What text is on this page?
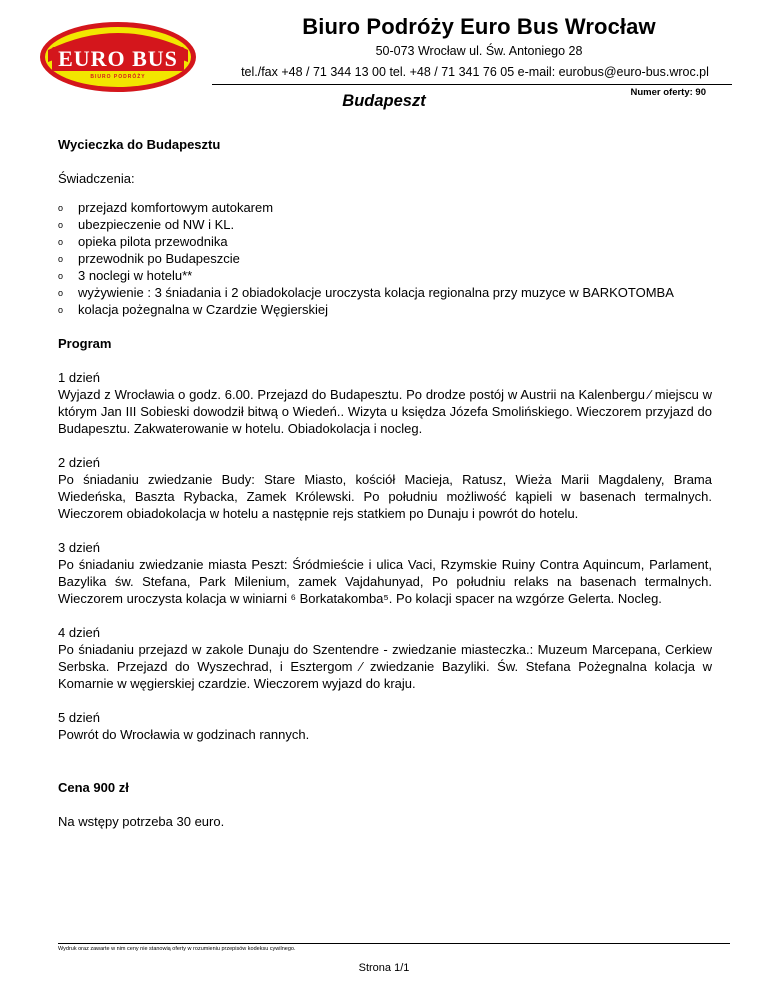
EURO BUS
BIURO PODRÓŻY
Biuro Podróży Euro Bus Wrocław
50-073 Wrocław ul. Św. Antoniego 28
tel./fax +48 / 71 344 13 00 tel. +48 / 71 341 76 05 e-mail: eurobus@euro-bus.wroc.pl
Numer oferty: 90
Budapeszt

Wycieczka do Budapesztu

Świadczenia:

o przejazd komfortowym autokarem
o ubezpieczenie od NW i KL.
o opieka pilota przewodnika
o przewodnik po Budapeszcie
o 3 noclegi w hotelu**
o wyżywienie : 3 śniadania i 2 obiadokolacje uroczysta kolacja regionalna przy muzyce w BARKOTOMBA
o kolacja pożegnalna w Czardzie Węgierskiej

Program

1 dzień

Wyjazd z Wrocławia o godz. 6.00. Przejazd do Budapesztu. Po drodze postój w Austrii na Kalenbergu ⁄ miejscu w którym Jan III Sobieski dowodził bitwą o Wiedeń.. Wizyta u księdza Józefa Smolińskiego. Wieczorem przyjazd do Budapesztu. Zakwaterowanie w hotelu. Obiadokolacja i nocleg.

2 dzień

Po śniadaniu zwiedzanie Budy: Stare Miasto, kościół Macieja, Ratusz, Wieża Marii Magdaleny, Brama Wiedeńska, Baszta Rybacka, Zamek Królewski. Po południu możliwość kąpieli w basenach termalnych. Wieczorem obiadokolacja w hotelu a następnie rejs statkiem po Dunaju i powrót do hotelu.

3 dzień

Po śniadaniu zwiedzanie miasta Peszt: Śródmieście i ulica Vaci, Rzymskie Ruiny Contra Aquincum, Parlament, Bazylika św. Stefana, Park Milenium, zamek Vajdahunyad, Po południu relaks na basenach termalnych. Wieczorem uroczysta kolacja w winiarni ⁶ Borkatakomba⁵. Po kolacji spacer na wzgórze Gelerta. Nocleg.

4 dzień

Po śniadaniu przejazd w zakole Dunaju do Szentendre - zwiedzanie miasteczka.: Muzeum Marcepana, Cerkiew Serbska. Przejazd do Wyszechrad, i Esztergom ⁄ zwiedzanie Bazyliki. Św. Stefana Pożegnalna kolacja w Komarnie w węgierskiej czardzie. Wieczorem wyjazd do kraju.

5 dzień

Powrót do Wrocławia w godzinach rannych.

Cena 900 zł

Na wstępy potrzeba 30 euro.

Wydruk oraz zawarte w nim ceny nie stanowią oferty w rozumieniu przepisów kodeksu cywilnego.
Strona 1/1
